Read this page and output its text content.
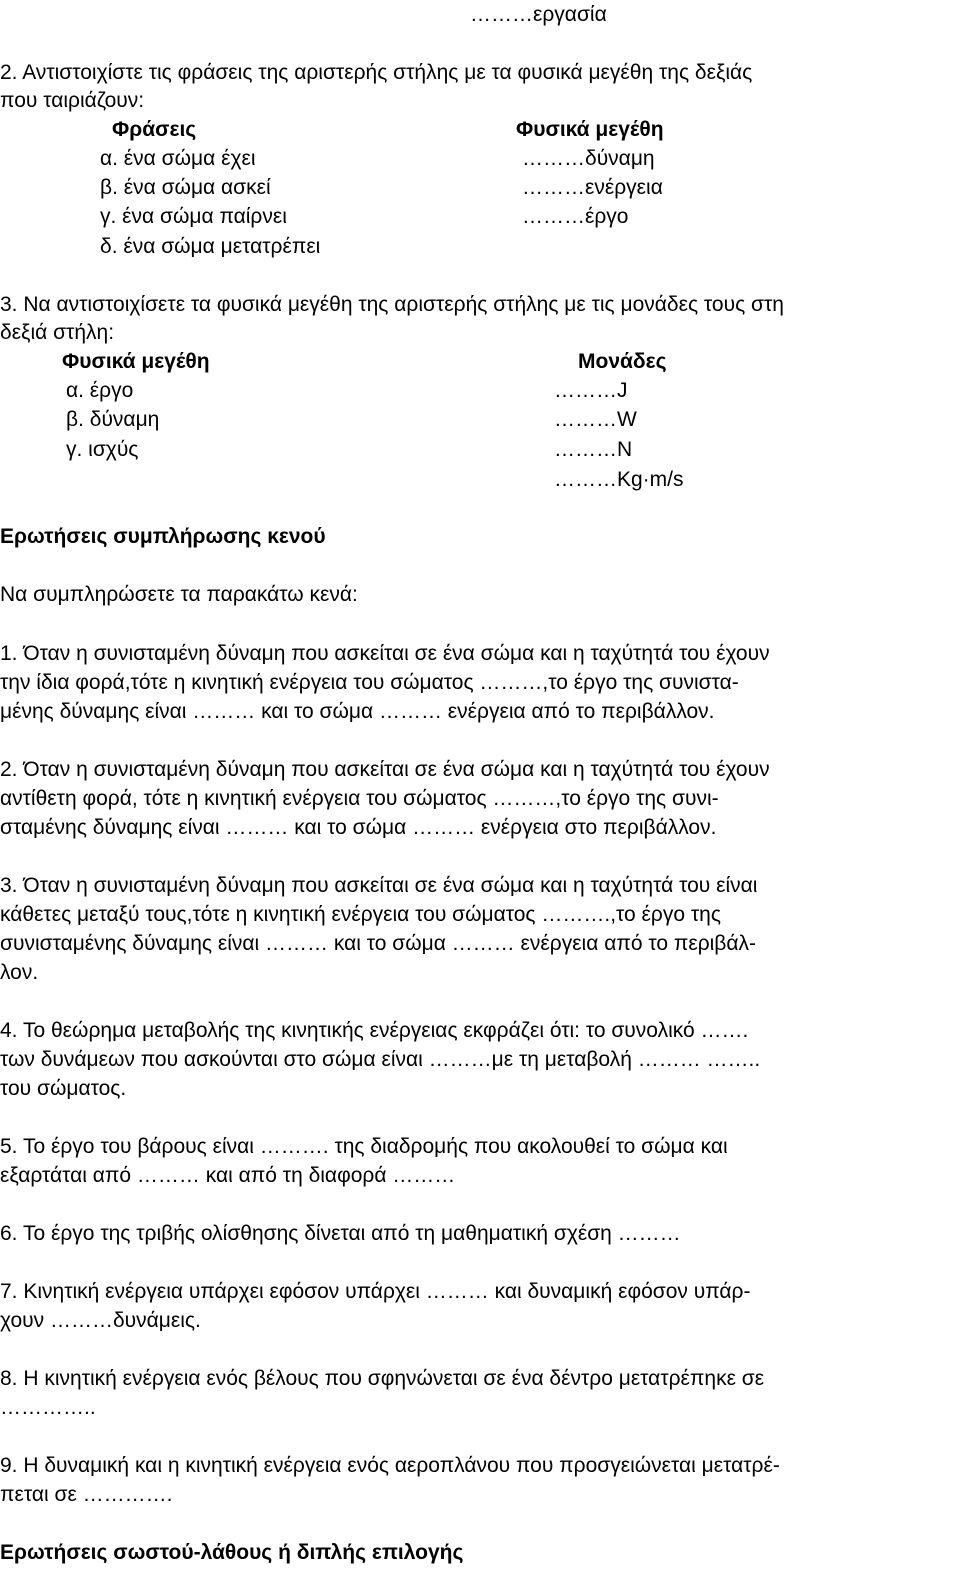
………εργασία
2. Αντιστοιχίστε τις φράσεις της αριστερής στήλης με τα φυσικά μεγέθη της δεξιάς
που ταιριάζουν:
Φράσεις	Φυσικά μεγέθη
α. ένα σώμα έχει
β. ένα σώμα ασκεί
γ. ένα σώμα παίρνει
δ. ένα σώμα μετατρέπει
………δύναμη
………ενέργεια
………έργο
3. Να αντιστοιχίσετε τα φυσικά μεγέθη της αριστερής στήλης με τις μονάδες τους στη
δεξιά στήλη:
Φυσικά μεγέθη	Μονάδες
α. έργο
β. δύναμη
γ. ισχύς
………J
………W
………N
………Kg·m/s
Ερωτήσεις συμπλήρωσης κενού
Να συμπληρώσετε τα παρακάτω κενά:
1. Όταν η συνισταμένη δύναμη που ασκείται σε ένα σώμα και η ταχύτητά του έχουν
την ίδια φορά,τότε η κινητική ενέργεια του σώματος ………,το έργο της συνιστα-
μένης δύναμης είναι ……… και το σώμα ……… ενέργεια από το περιβάλλον.
2. Όταν η συνισταμένη δύναμη που ασκείται σε ένα σώμα και η ταχύτητά του έχουν
αντίθετη φορά, τότε η κινητική ενέργεια του σώματος ………,το έργο της συνι-
σταμένης δύναμης είναι ……… και το σώμα ……… ενέργεια στο περιβάλλον.
3. Όταν η συνισταμένη δύναμη που ασκείται σε ένα σώμα και η ταχύτητά του είναι
κάθετες μεταξύ τους,τότε η κινητική ενέργεια του σώματος ……….,το έργο της
συνισταμένης δύναμης είναι ……… και το σώμα ……… ενέργεια από το περιβάλ-
λον.
4. Το θεώρημα μεταβολής της κινητικής ενέργειας εκφράζει ότι: το συνολικό …….
των δυνάμεων που ασκούνται στο σώμα είναι ………με τη μεταβολή ……… ……..
του σώματος.
5. Το έργο του βάρους είναι ………. της διαδρομής που ακολουθεί το σώμα και
εξαρτάται από ……… και από τη διαφορά ………
6. Το έργο της τριβής ολίσθησης δίνεται από τη μαθηματική σχέση ………
7. Κινητική ενέργεια υπάρχει εφόσον υπάρχει ……… και δυναμική εφόσον υπάρ-
χουν ………δυνάμεις.
8. Η κινητική ενέργεια ενός βέλους που σφηνώνεται σε ένα δέντρο μετατρέπηκε σε
…………..
9. Η δυναμική και η κινητική ενέργεια ενός αεροπλάνου που προσγειώνεται μετατρέ-
πεται σε ………….
Ερωτήσεις σωστού-λάθους ή διπλής επιλογής
